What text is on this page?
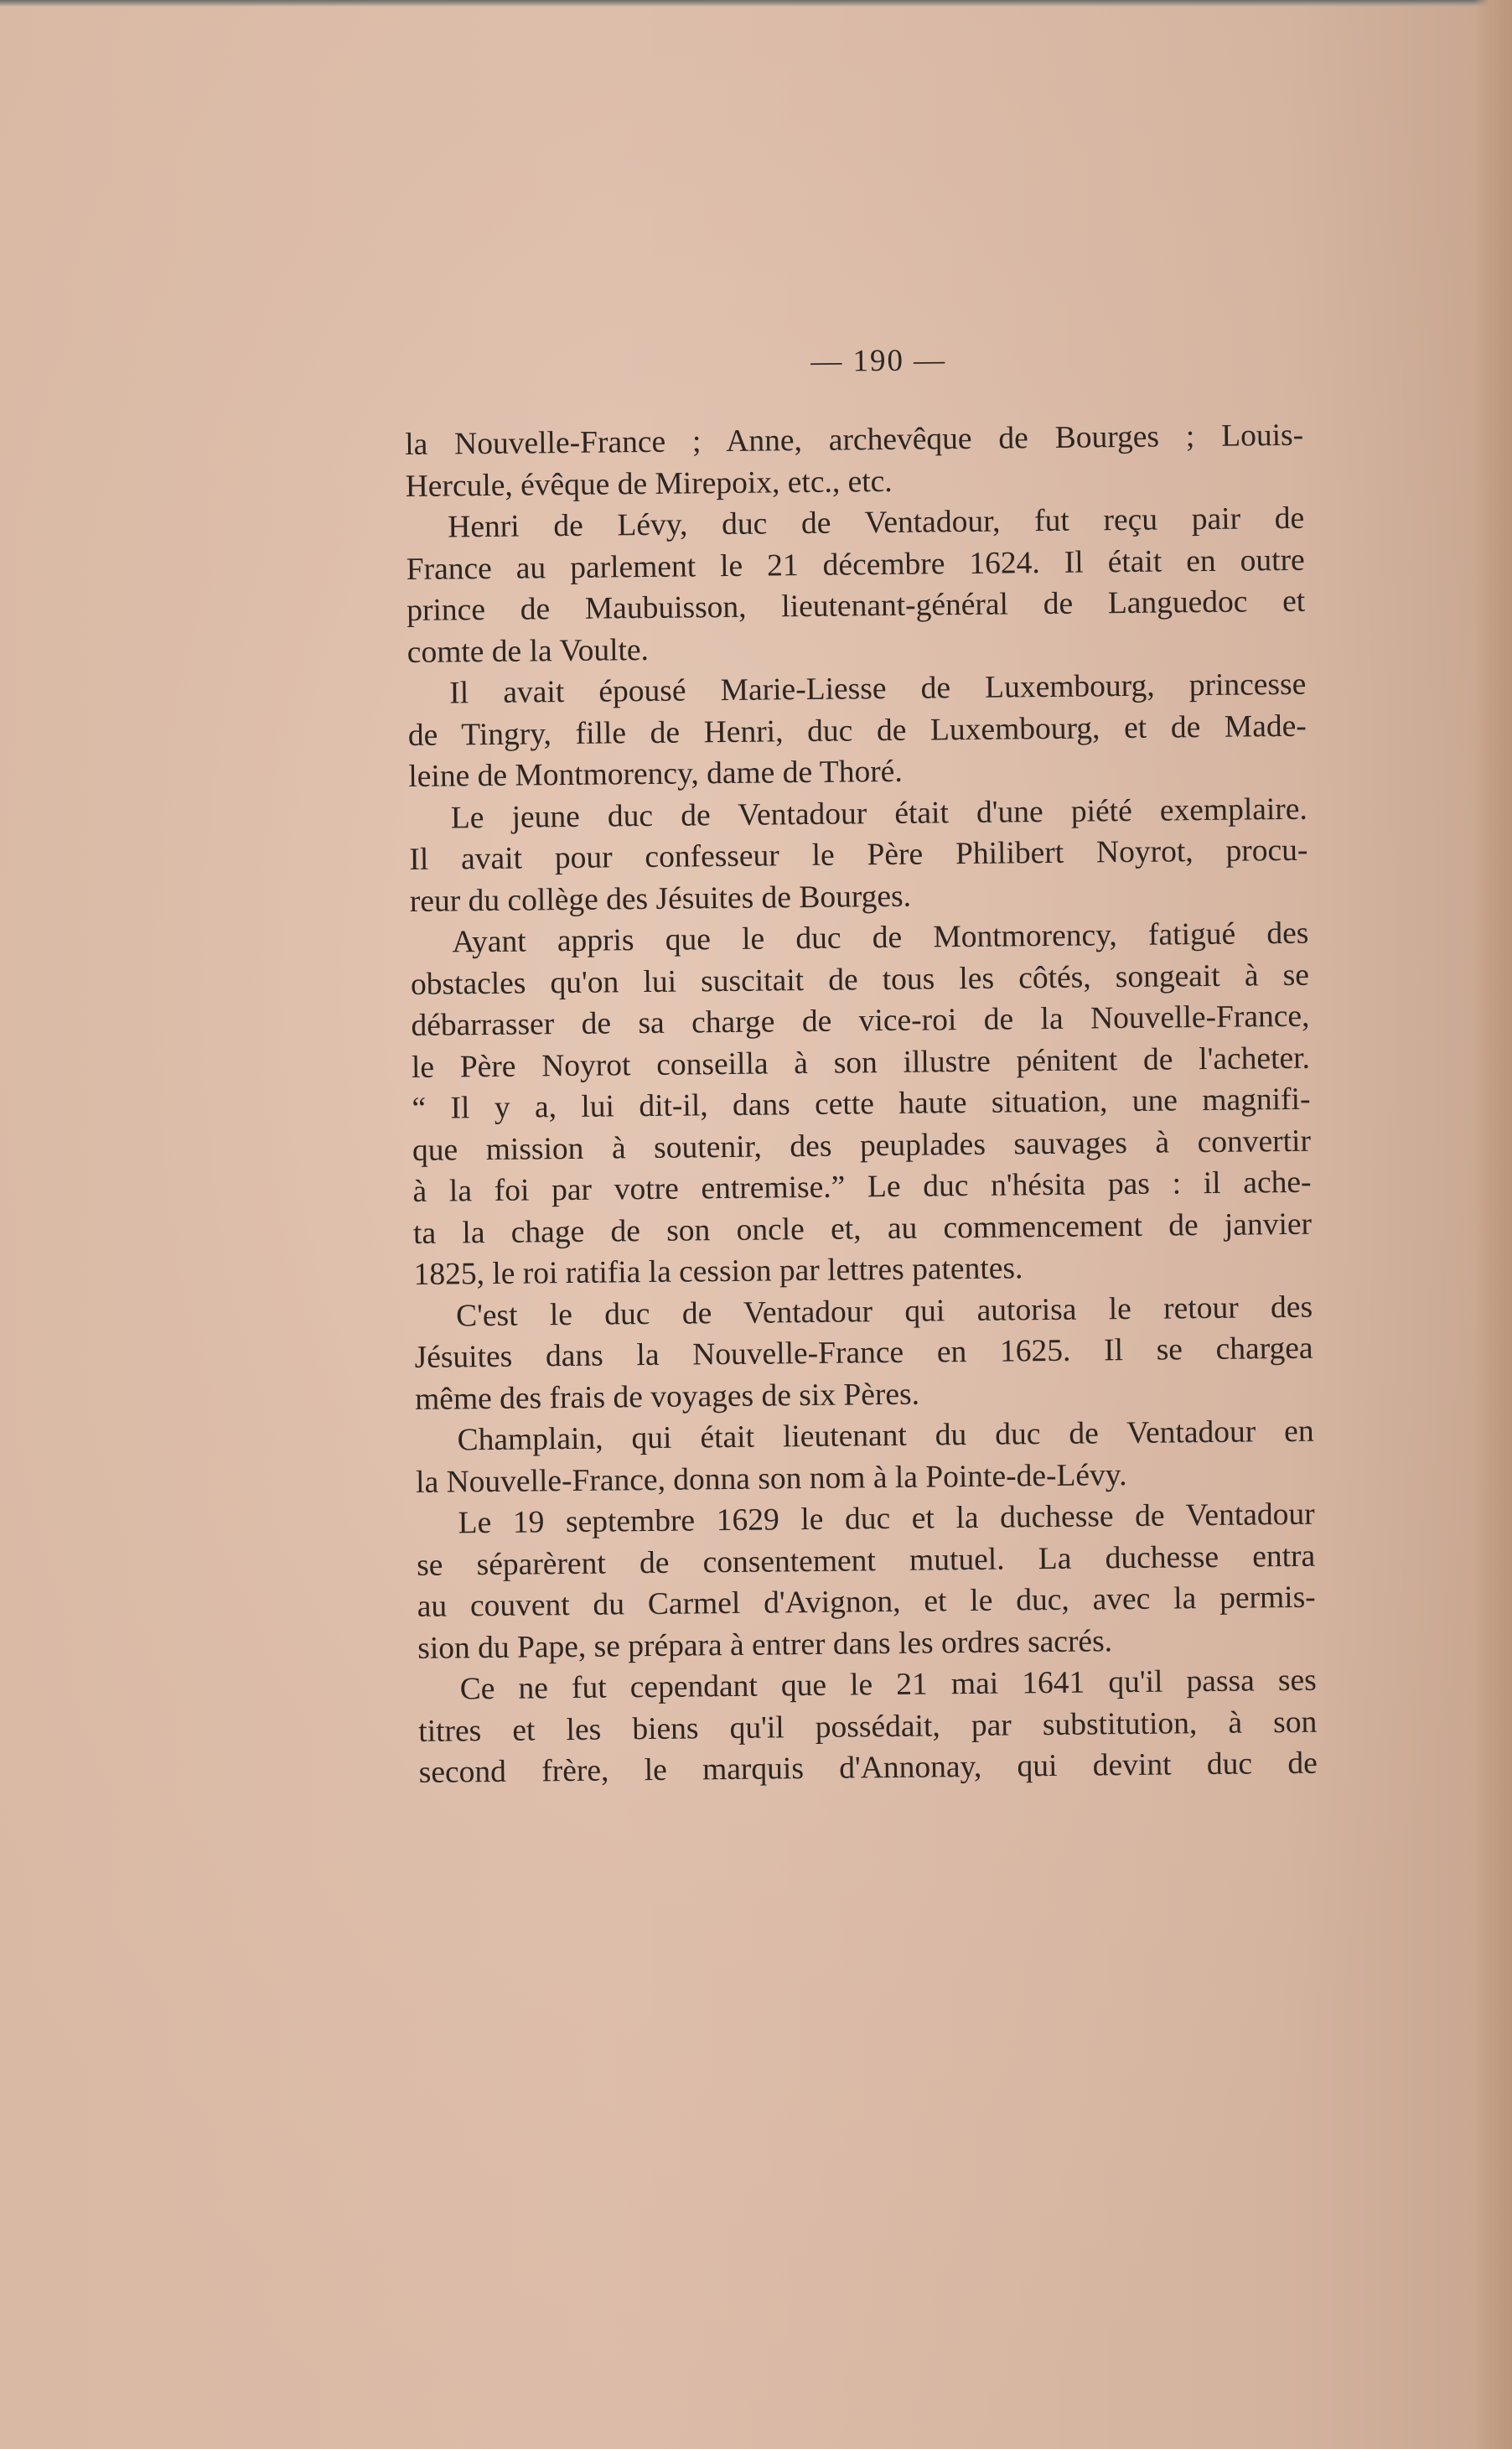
— 190 —
la Nouvelle-France ; Anne, archevêque de Bourges ; Louis-
Hercule, évêque de Mirepoix, etc., etc.
Henri de Lévy, duc de Ventadour, fut reçu pair de
France au parlement le 21 décembre 1624. Il était en outre
prince de Maubuisson, lieutenant-général de Languedoc et
comte de la Voulte.
Il avait épousé Marie-Liesse de Luxembourg, princesse
de Tingry, fille de Henri, duc de Luxembourg, et de Made-
leine de Montmorency, dame de Thoré.
Le jeune duc de Ventadour était d'une piété exemplaire.
Il avait pour confesseur le Père Philibert Noyrot, procu-
reur du collège des Jésuites de Bourges.
Ayant appris que le duc de Montmorency, fatigué des
obstacles qu'on lui suscitait de tous les côtés, songeait à se
débarrasser de sa charge de vice-roi de la Nouvelle-France,
le Père Noyrot conseilla à son illustre pénitent de l'acheter.
“ Il y a, lui dit-il, dans cette haute situation, une magnifi-
que mission à soutenir, des peuplades sauvages à convertir
à la foi par votre entremise.” Le duc n'hésita pas : il ache-
ta la chage de son oncle et, au commencement de janvier
1825, le roi ratifia la cession par lettres patentes.
C'est le duc de Ventadour qui autorisa le retour des
Jésuites dans la Nouvelle-France en 1625. Il se chargea
même des frais de voyages de six Pères.
Champlain, qui était lieutenant du duc de Ventadour en
la Nouvelle-France, donna son nom à la Pointe-de-Lévy.
Le 19 septembre 1629 le duc et la duchesse de Ventadour
se séparèrent de consentement mutuel. La duchesse entra
au couvent du Carmel d'Avignon, et le duc, avec la permis-
sion du Pape, se prépara à entrer dans les ordres sacrés.
Ce ne fut cependant que le 21 mai 1641 qu'il passa ses
titres et les biens qu'il possédait, par substitution, à son
second frère, le marquis d'Annonay, qui devint duc de
